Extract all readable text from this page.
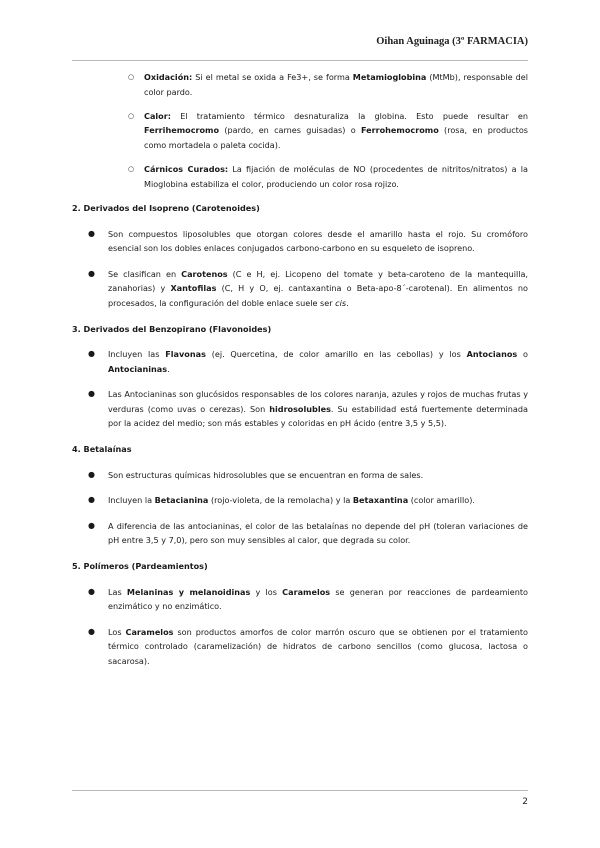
Oihan Aguinaga (3º FARMACIA)

○ Oxidación: Si el metal se oxida a Fe3+, se forma Metamioglobina (MtMb), responsable del color pardo.

○ Calor: El tratamiento térmico desnaturaliza la globina. Esto puede resultar en Ferrihemocromo (pardo, en carnes guisadas) o Ferrohemocromo (rosa, en productos como mortadela o paleta cocida).

○ Cárnicos Curados: La fijación de moléculas de NO (procedentes de nitritos/nitratos) a la Mioglobina estabiliza el color, produciendo un color rosa rojizo.

2. Derivados del Isopreno (Carotenoides)

● Son compuestos liposolubles que otorgan colores desde el amarillo hasta el rojo. Su cromóforo esencial son los dobles enlaces conjugados carbono-carbono en su esqueleto de isopreno.

● Se clasifican en Carotenos (C e H, ej. Licopeno del tomate y beta-caroteno de la mantequilla, zanahorias) y Xantofilas (C, H y O, ej. cantaxantina o Beta-apo-8´-carotenal). En alimentos no procesados, la configuración del doble enlace suele ser cis.

3. Derivados del Benzopirano (Flavonoides)

● Incluyen las Flavonas (ej. Quercetina, de color amarillo en las cebollas) y los Antocianos o Antocianinas.

● Las Antocianinas son glucósidos responsables de los colores naranja, azules y rojos de muchas frutas y verduras (como uvas o cerezas). Son hidrosolubles. Su estabilidad está fuertemente determinada por la acidez del medio; son más estables y coloridas en pH ácido (entre 3,5 y 5,5).

4. Betalaínas

● Son estructuras químicas hidrosolubles que se encuentran en forma de sales.

● Incluyen la Betacianina (rojo-violeta, de la remolacha) y la Betaxantina (color amarillo).

● A diferencia de las antocianinas, el color de las betalaínas no depende del pH (toleran variaciones de pH entre 3,5 y 7,0), pero son muy sensibles al calor, que degrada su color.

5. Polímeros (Pardeamientos)

● Las Melaninas y melanoidinas y los Caramelos se generan por reacciones de pardeamiento enzimático y no enzimático.

● Los Caramelos son productos amorfos de color marrón oscuro que se obtienen por el tratamiento térmico controlado (caramelización) de hidratos de carbono sencillos (como glucosa, lactosa o sacarosa).

2
